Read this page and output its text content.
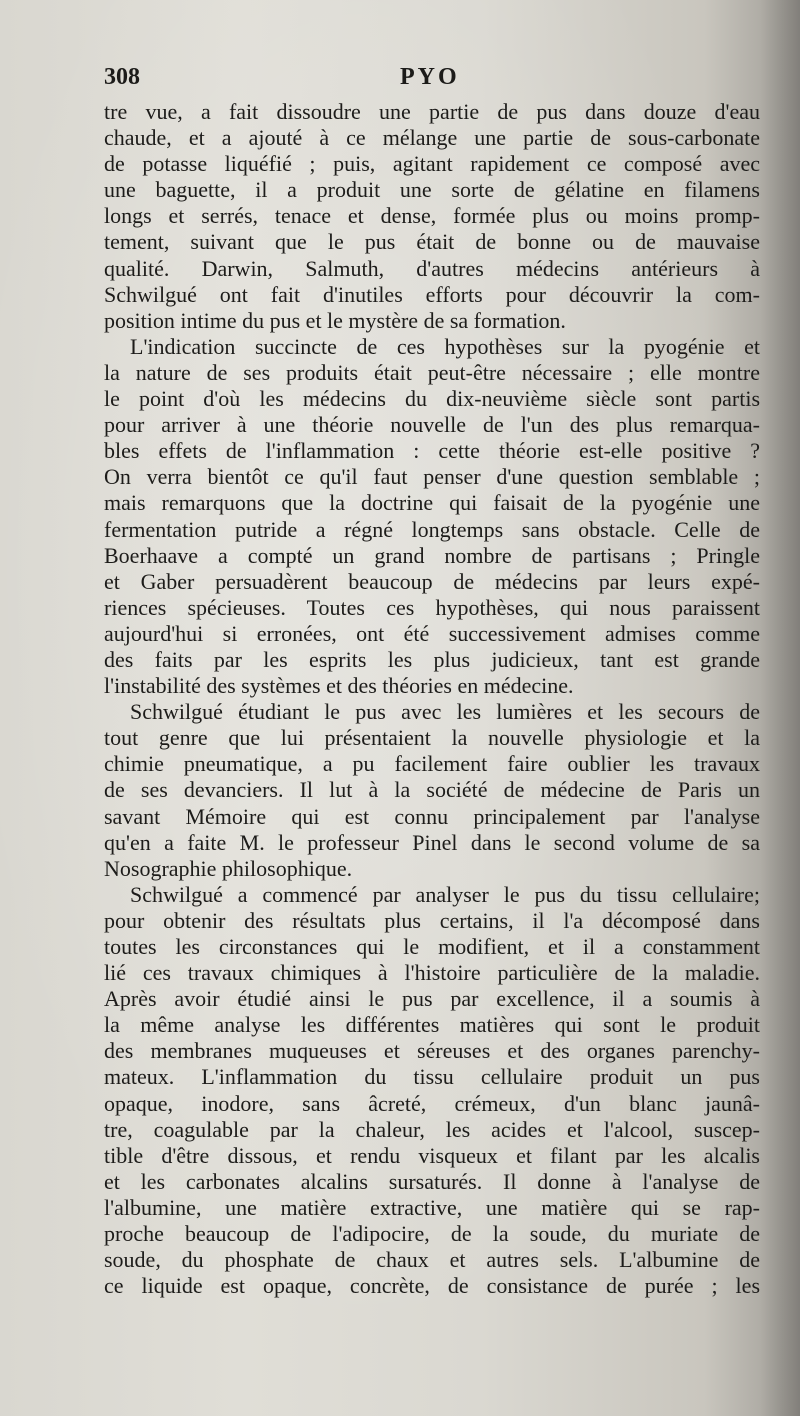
308	PYO
tre vue, a fait dissoudre une partie de pus dans douze d'eau
chaude, et a ajouté à ce mélange une partie de sous-carbonate
de potasse liquéfié ; puis, agitant rapidement ce composé avec
une baguette, il a produit une sorte de gélatine en filamens
longs et serrés, tenace et dense, formée plus ou moins promp-
tement, suivant que le pus était de bonne ou de mauvaise
qualité. Darwin, Salmuth, d'autres médecins antérieurs à
Schwilgué ont fait d'inutiles efforts pour découvrir la com-
position intime du pus et le mystère de sa formation.
L'indication succincte de ces hypothèses sur la pyogénie et
la nature de ses produits était peut-être nécessaire ; elle montre
le point d'où les médecins du dix-neuvième siècle sont partis
pour arriver à une théorie nouvelle de l'un des plus remarqua-
bles effets de l'inflammation : cette théorie est-elle positive ?
On verra bientôt ce qu'il faut penser d'une question semblable ;
mais remarquons que la doctrine qui faisait de la pyogénie une
fermentation putride a régné longtemps sans obstacle. Celle de
Boerhaave a compté un grand nombre de partisans ; Pringle
et Gaber persuadèrent beaucoup de médecins par leurs expé-
riences spécieuses. Toutes ces hypothèses, qui nous paraissent
aujourd'hui si erronées, ont été successivement admises comme
des faits par les esprits les plus judicieux, tant est grande
l'instabilité des systèmes et des théories en médecine.
Schwilgué étudiant le pus avec les lumières et les secours de
tout genre que lui présentaient la nouvelle physiologie et la
chimie pneumatique, a pu facilement faire oublier les travaux
de ses devanciers. Il lut à la société de médecine de Paris un
savant Mémoire qui est connu principalement par l'analyse
qu'en a faite M. le professeur Pinel dans le second volume de sa
Nosographie philosophique.
Schwilgué a commencé par analyser le pus du tissu cellulaire;
pour obtenir des résultats plus certains, il l'a décomposé dans
toutes les circonstances qui le modifient, et il a constamment
lié ces travaux chimiques à l'histoire particulière de la maladie.
Après avoir étudié ainsi le pus par excellence, il a soumis à
la même analyse les différentes matières qui sont le produit
des membranes muqueuses et séreuses et des organes parenchy-
mateux. L'inflammation du tissu cellulaire produit un pus
opaque, inodore, sans âcreté, crémeux, d'un blanc jaunâ-
tre, coagulable par la chaleur, les acides et l'alcool, suscep-
tible d'être dissous, et rendu visqueux et filant par les alcalis
et les carbonates alcalins sursaturés. Il donne à l'analyse de
l'albumine, une matière extractive, une matière qui se rap-
proche beaucoup de l'adipocire, de la soude, du muriate de
soude, du phosphate de chaux et autres sels. L'albumine de
ce liquide est opaque, concrète, de consistance de purée ; les
